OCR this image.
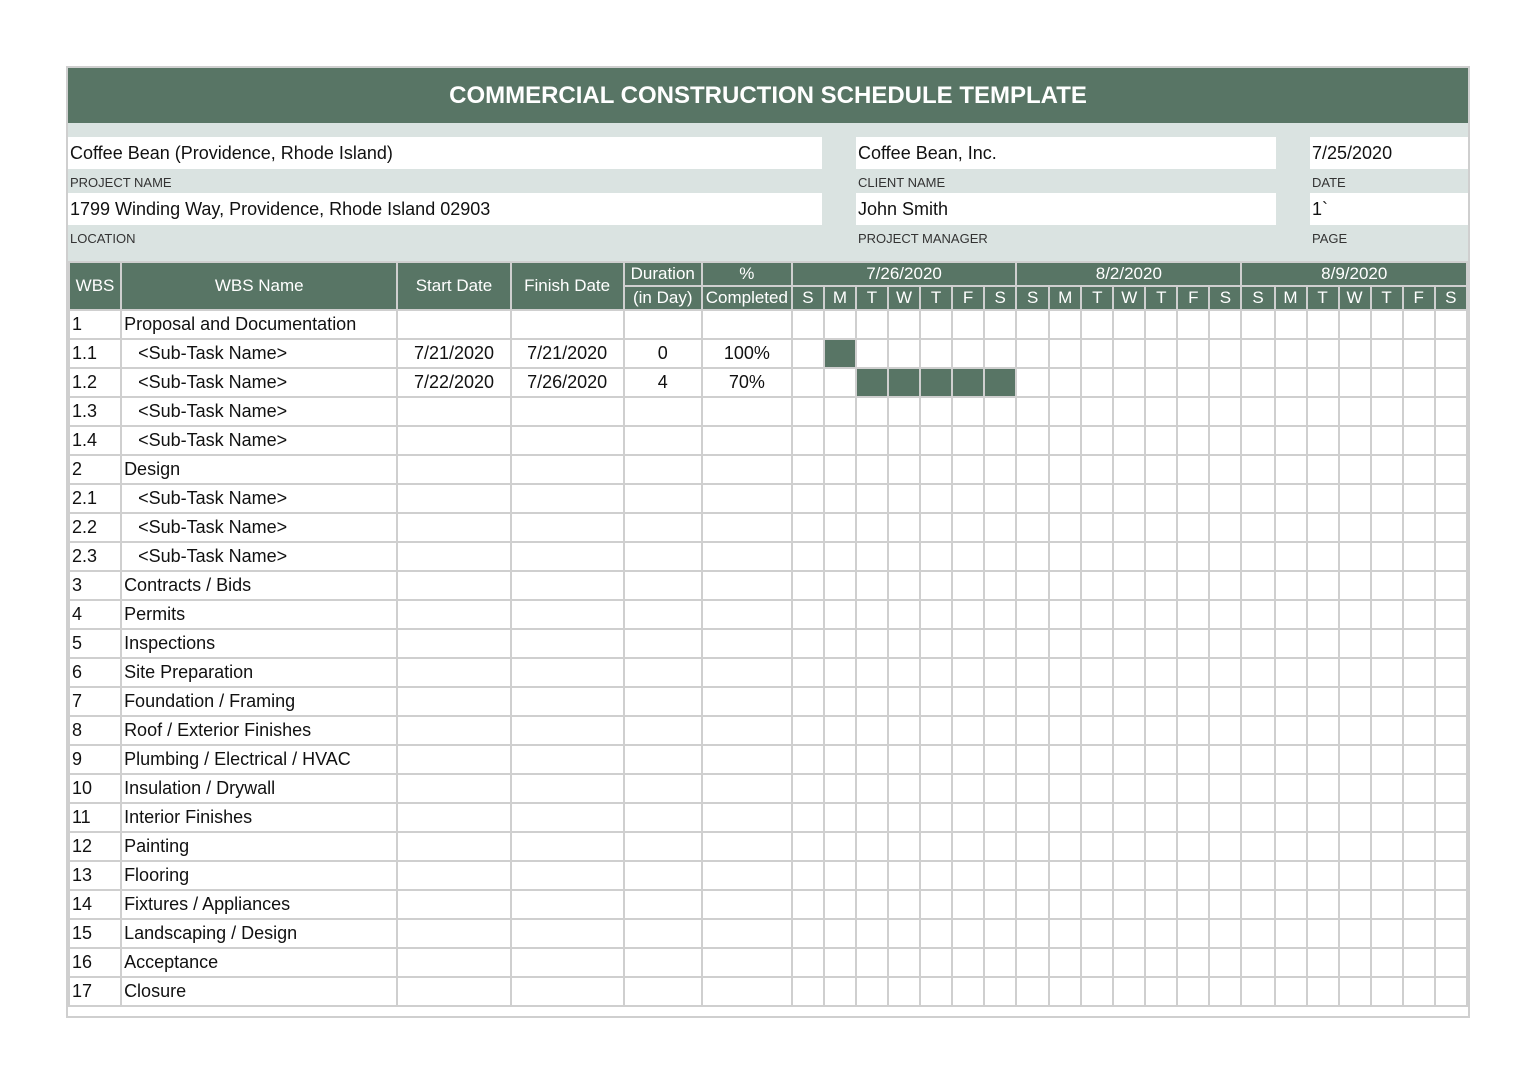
COMMERCIAL CONSTRUCTION SCHEDULE TEMPLATE
Coffee Bean (Providence, Rhode Island)
PROJECT NAME
Coffee Bean, Inc.
CLIENT NAME
7/25/2020
DATE
1799 Winding Way, Providence, Rhode Island 02903
LOCATION
John Smith
PROJECT MANAGER
1`
PAGE
WBS	WBS Name	Start Date	Finish Date	Duration	%	7/26/2020							8/2/2020							8/9/2020						
				(in Day)	Completed	S	M	T	W	T	F	S	S	M	T	W	T	F	S	S	M	T	W	T	F	S
1	Proposal and Documentation																									
1.1	<Sub-Task Name>	7/21/2020	7/21/2020	0	100%																					
1.2	<Sub-Task Name>	7/22/2020	7/26/2020	4	70%																					
1.3	<Sub-Task Name>																									
1.4	<Sub-Task Name>																									
2	Design																									
2.1	<Sub-Task Name>																									
2.2	<Sub-Task Name>																									
2.3	<Sub-Task Name>																									
3	Contracts / Bids																									
4	Permits																									
5	Inspections																									
6	Site Preparation																									
7	Foundation / Framing																									
8	Roof / Exterior Finishes																									
9	Plumbing / Electrical / HVAC																									
10	Insulation / Drywall																									
11	Interior Finishes																									
12	Painting																									
13	Flooring																									
14	Fixtures / Appliances																									
15	Landscaping / Design																									
16	Acceptance																									
17	Closure																									
